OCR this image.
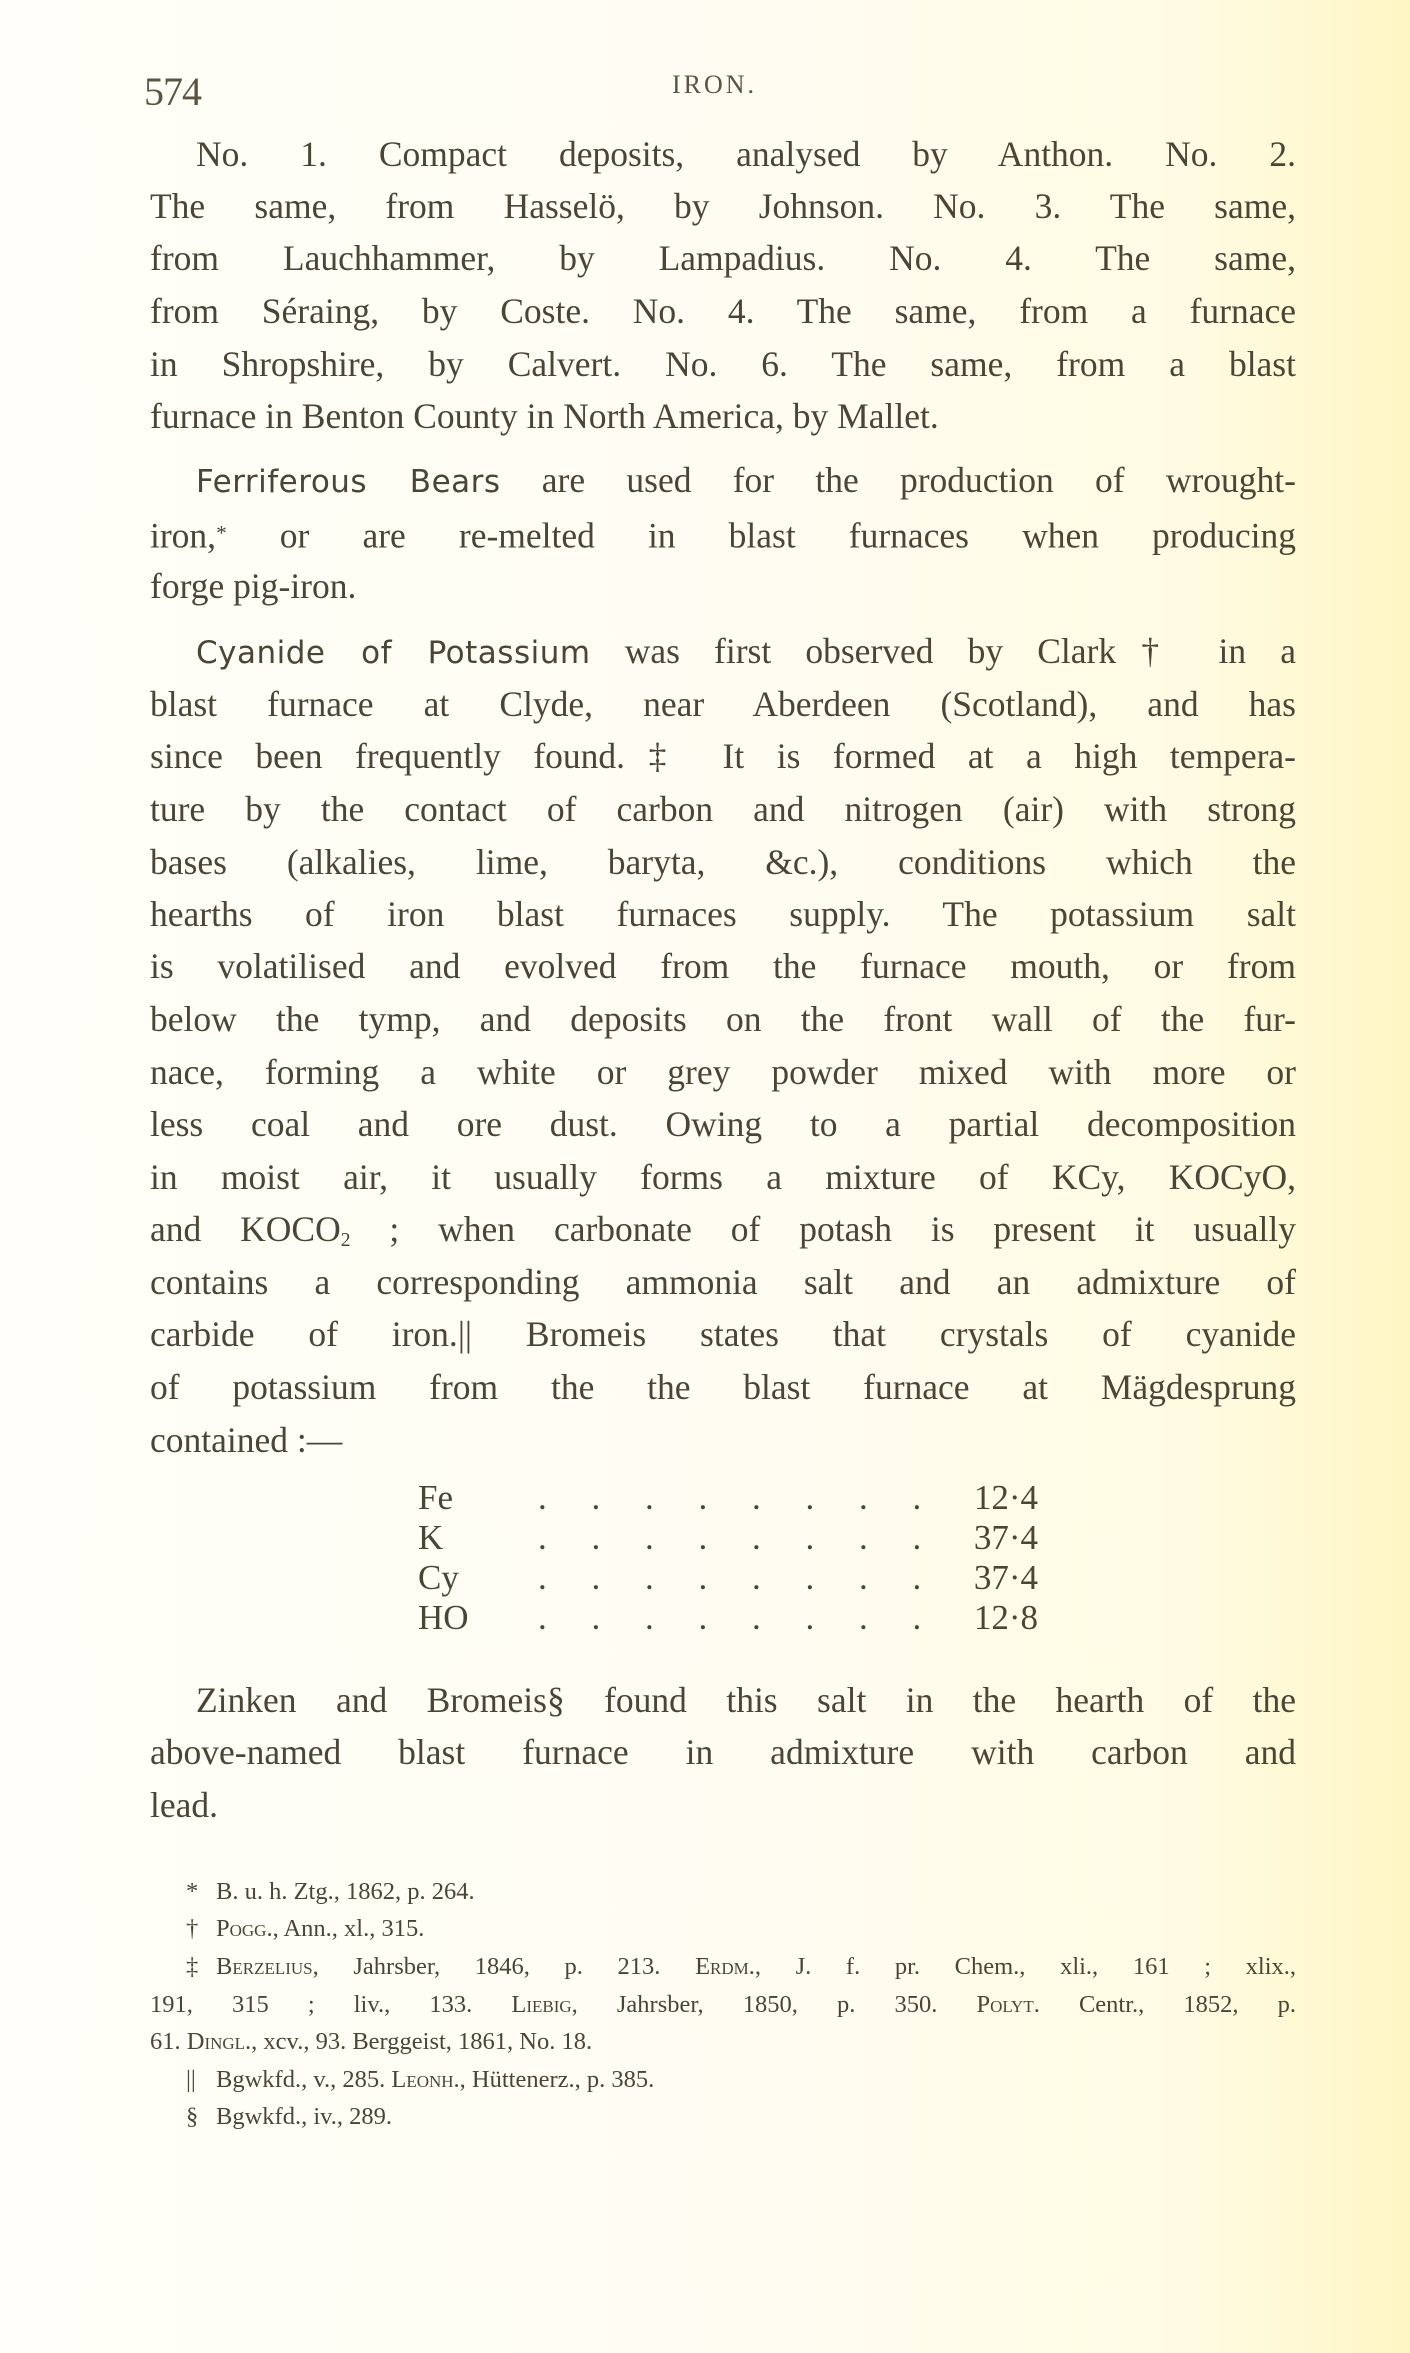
574	IRON.
No. 1. Compact deposits, analysed by Anthon. No. 2.
The same, from Hasselö, by Johnson. No. 3. The same,
from Lauchhammer, by Lampadius. No. 4. The same,
from Séraing, by Coste. No. 4. The same, from a furnace
in Shropshire, by Calvert. No. 6. The same, from a blast
furnace in Benton County in North America, by Mallet.
Ferriferous Bears are used for the production of wrought-
iron,* or are re-melted in blast furnaces when producing
forge pig-iron.
Cyanide of Potassium was first observed by Clark† in a
blast furnace at Clyde, near Aberdeen (Scotland), and has
since been frequently found.‡ It is formed at a high tempera-
ture by the contact of carbon and nitrogen (air) with strong
bases (alkalies, lime, baryta, &c.), conditions which the
hearths of iron blast furnaces supply. The potassium salt
is volatilised and evolved from the furnace mouth, or from
below the tymp, and deposits on the front wall of the fur-
nace, forming a white or grey powder mixed with more or
less coal and ore dust. Owing to a partial decomposition
in moist air, it usually forms a mixture of KCy, KOCyO,
and $KOCO_2$ ; when carbonate of potash is present it usually
contains a corresponding ammonia salt and an admixture of
carbide of iron.|| Bromeis states that crystals of cyanide
of potassium from the the blast furnace at Mägdesprung
contained :—
Fe . . . . . . . . 12·4
K	. . . . . . . . 37·4
Cy . . . . . . . . 37·4
HO . . . . . . . . 12·8
Zinken and Bromeis§ found this salt in the hearth of the
above-named blast furnace in admixture with carbon and
lead.
* B. u. h. Ztg., 1862, p. 264.
† Pogg., Ann., xl., 315.
‡ Berzelius, Jahrsber, 1846, p. 213. Erdm., J. f. pr. Chem., xli., 161 ; xlix.,
191, 315 ; liv., 133. Liebig, Jahrsber, 1850, p. 350. Polyt. Centr., 1852, p.
61. Dingl., xcv., 93. Berggeist, 1861, No. 18.
|| Bgwkfd., v., 285. Leonh., Hüttenerz., p. 385.
§ Bgwkfd., iv., 289.
